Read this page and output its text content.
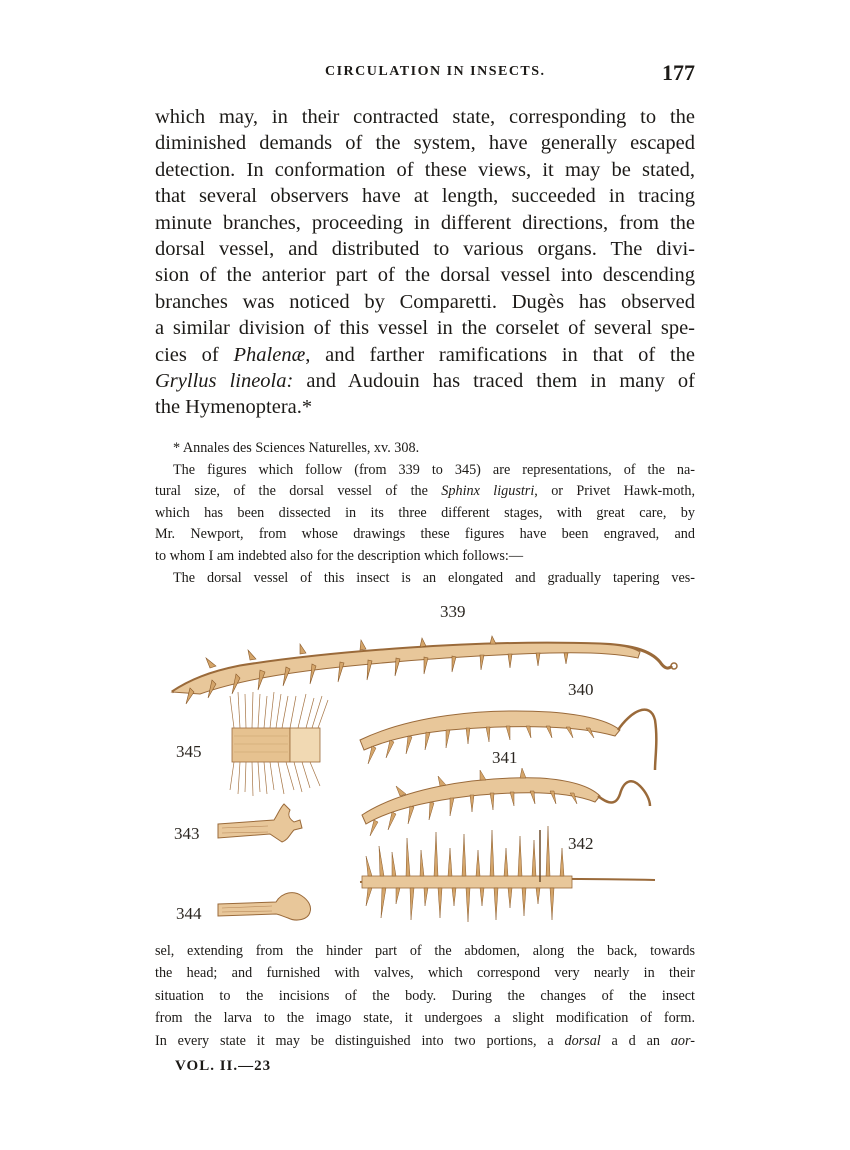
CIRCULATION IN INSECTS.	177

which may, in their contracted state, corresponding to the

diminished demands of the system, have generally escaped

detection. In conformation of these views, it may be stated,

that several observers have at length, succeeded in tracing

minute branches, proceeding in different directions, from the

dorsal vessel, and distributed to various organs. The divi-

sion of the anterior part of the dorsal vessel into descending

branches was noticed by Comparetti. Dugès has observed

a similar division of this vessel in the corselet of several spe-

cies of Phalenæ, and farther ramifications in that of the

Gryllus lineola: and Audouin has traced them in many of

the Hymenoptera.*

* Annales des Sciences Naturelles, xv. 308.

The figures which follow (from 339 to 345) are representations, of the na-

tural size, of the dorsal vessel of the Sphinx ligustri, or Privet Hawk-moth,

which has been dissected in its three different stages, with great care, by

Mr. Newport, from whose drawings these figures have been engraved, and

to whom I am indebted also for the description which follows:—

The dorsal vessel of this insect is an elongated and gradually tapering ves-

339
340
345	341
343
342
344

sel, extending from the hinder part of the abdomen, along the back, towards

the head; and furnished with valves, which correspond very nearly in their

situation to the incisions of the body. During the changes of the insect

from the larva to the imago state, it undergoes a slight modification of form.

In every state it may be distinguished into two portions, a dorsal a d an aor-

VOL. II.—23
